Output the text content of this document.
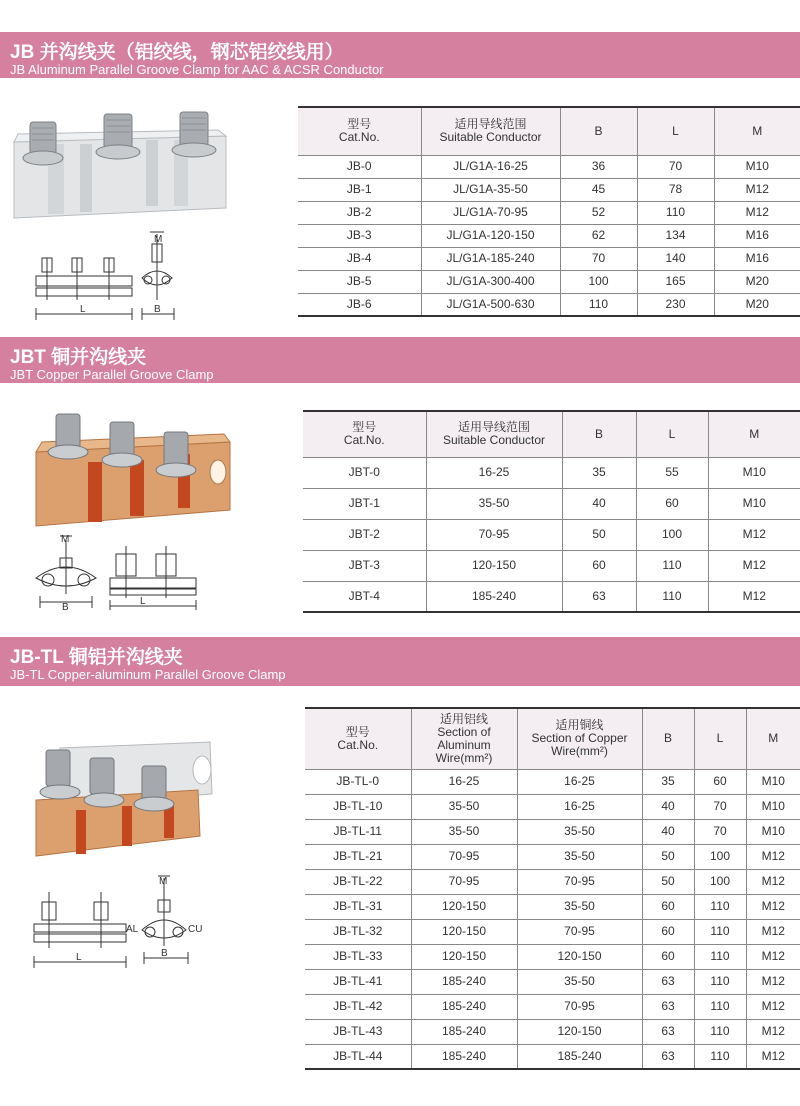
JB 并沟线夹（铝绞线，钢芯铝绞线用）
JB Aluminum Parallel Groove Clamp for AAC & ACSR Conductor
L	B
M
型号
Cat.No.	适用导线范围
Suitable Conductor	B	L	M
JB-0	JL/G1A-16-25	36	70	M10
JB-1	JL/G1A-35-50	45	78	M12
JB-2	JL/G1A-70-95	52	110	M12
JB-3	JL/G1A-120-150	62	134	M16
JB-4	JL/G1A-185-240	70	140	M16
JB-5	JL/G1A-300-400	100	165	M20
JB-6	JL/G1A-500-630	110	230	M20
JBT 铜并沟线夹
JBT Copper Parallel Groove Clamp
M
B
L
型号
Cat.No.	适用导线范围
Suitable Conductor	B	L	M
JBT-0	16-25	35	55	M10
JBT-1	35-50	40	60	M10
JBT-2	70-95	50	100	M12
JBT-3	120-150	60	110	M12
JBT-4	185-240	63	110	M12
JB-TL 铜铝并沟线夹
JB-TL Copper-aluminum Parallel Groove Clamp
L	B
M
AL	CU
型号
Cat.No.	适用铝线
Section of
Aluminum
Wire(mm²)	适用铜线
Section of Copper
Wire(mm²)	B	L	M
JB-TL-0	16-25	16-25	35	60	M10
JB-TL-10	35-50	16-25	40	70	M10
JB-TL-11	35-50	35-50	40	70	M10
JB-TL-21	70-95	35-50	50	100	M12
JB-TL-22	70-95	70-95	50	100	M12
JB-TL-31	120-150	35-50	60	110	M12
JB-TL-32	120-150	70-95	60	110	M12
JB-TL-33	120-150	120-150	60	110	M12
JB-TL-41	185-240	35-50	63	110	M12
JB-TL-42	185-240	70-95	63	110	M12
JB-TL-43	185-240	120-150	63	110	M12
JB-TL-44	185-240	185-240	63	110	M12
